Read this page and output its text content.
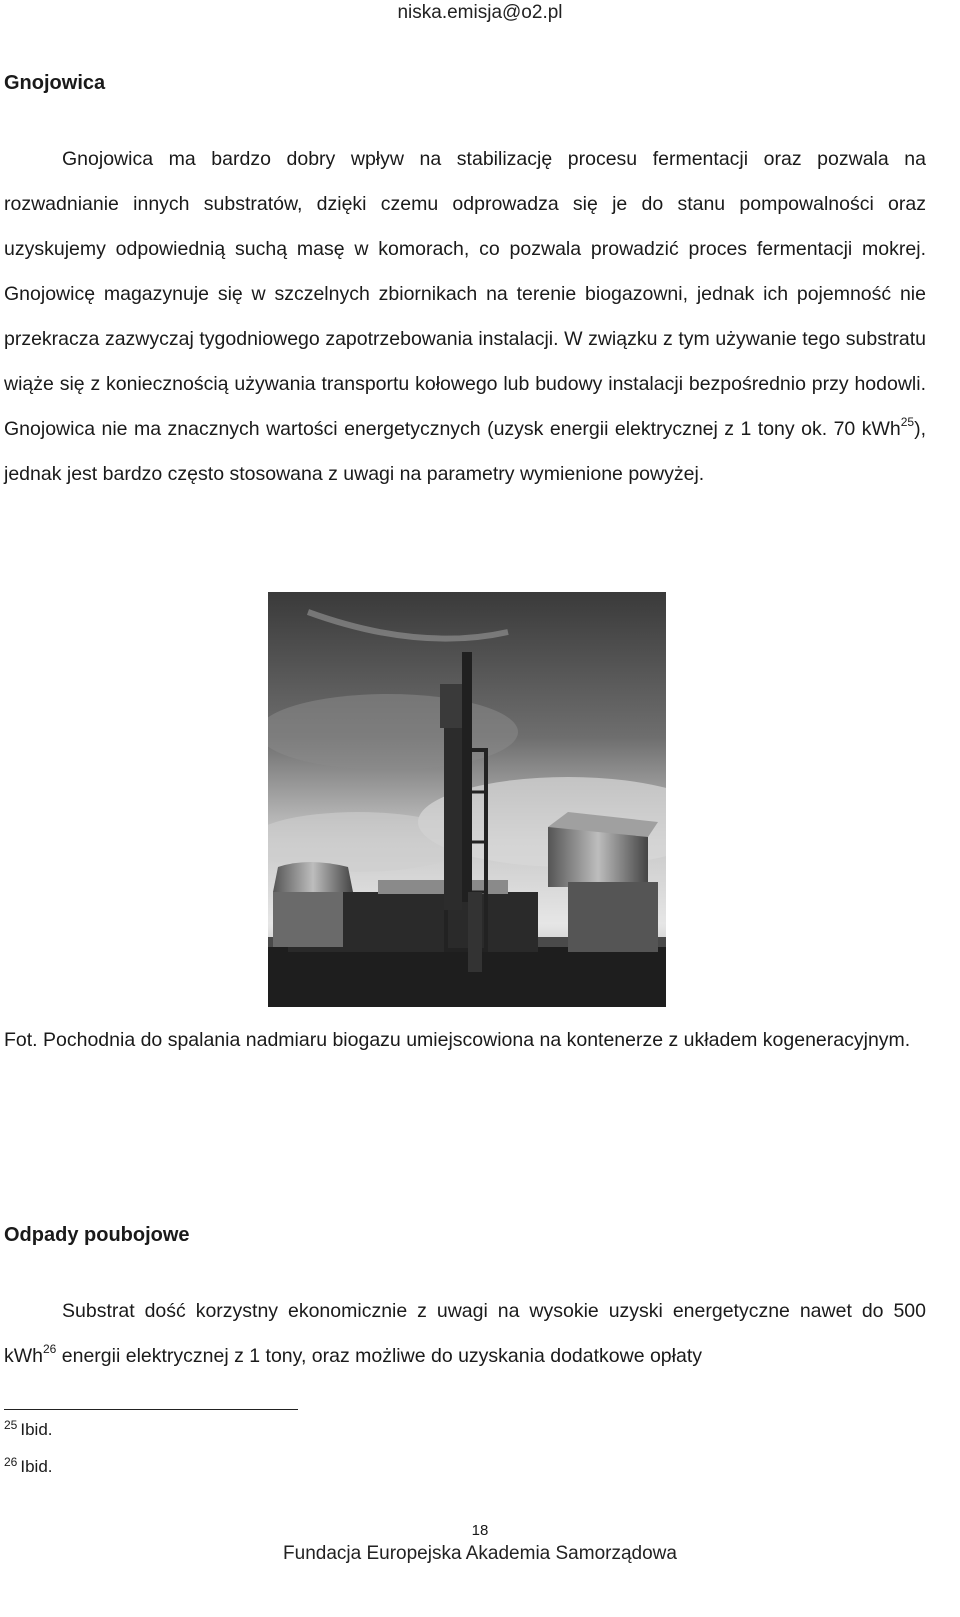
niska.emisja@o2.pl
Gnojowica

Gnojowica ma bardzo dobry wpływ na stabilizację procesu fermentacji oraz pozwala na rozwadnianie innych substratów, dzięki czemu odprowadza się je do stanu pompowalności oraz uzyskujemy odpowiednią suchą masę w komorach, co pozwala prowadzić proces fermentacji mokrej. Gnojowicę magazynuje się w szczelnych zbiornikach na terenie biogazowni, jednak ich pojemność nie przekracza zazwyczaj tygodniowego zapotrzebowania instalacji. W związku z tym używanie tego substratu wiąże się z koniecznością używania transportu kołowego lub budowy instalacji bezpośrednio przy hodowli. Gnojowica nie ma znacznych wartości energetycznych (uzysk energii elektrycznej z 1 tony ok. 70 kWh$^{25}$), jednak jest bardzo często stosowana z uwagi na parametry wymienione powyżej.

Fot. Pochodnia do spalania nadmiaru biogazu umiejscowiona na kontenerze z układem kogeneracyjnym.

Odpady poubojowe

Substrat dość korzystny ekonomicznie z uwagi na wysokie uzyski energetyczne nawet do 500 kWh$^{26}$ energii elektrycznej z 1 tony, oraz możliwe do uzyskania dodatkowe opłaty

$^{25}$ Ibid.
$^{26}$ Ibid.
18
Fundacja Europejska Akademia Samorządowa
